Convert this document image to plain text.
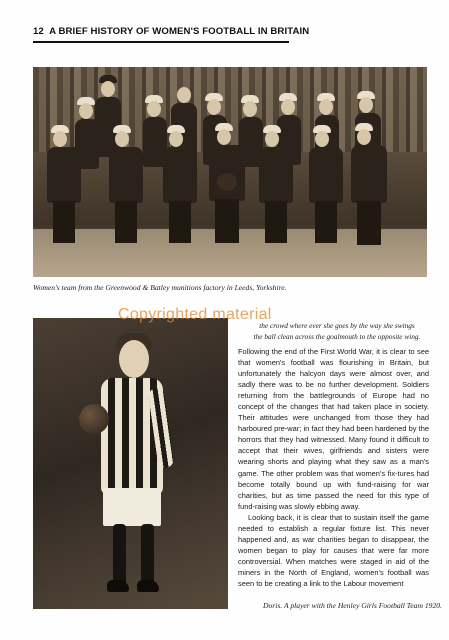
12 A BRIEF HISTORY OF WOMEN'S FOOTBALL IN BRITAIN
Women's team from the Greenwood & Batley munitions factory in Leeds, Yorkshire.
Copyrighted material
the crowd where ever she goes by the way she swings
the ball clean across the goalmouth to the opposite wing.

Following the end of the First World War, it is clear to see that women's football was flourishing in Britain, but unfortunately the halcyon days were almost over, and sadly there was to be no further development. Soldiers returning from the battlegrounds of Europe had no concept of the changes that had taken place in society. Their attitudes were unchanged from those they had harboured pre-war; in fact they had been hardened by the horrors that they had witnessed. Many found it difficult to accept that their wives, girlfriends and sisters were wearing shorts and playing what they saw as a man's game. The other problem was that women's fix-tures had become totally bound up with fund-raising for war charities, but as time passed the need for this type of fund-raising was slowly ebbing away.

Looking back, it is clear that to sustain itself the game needed to establish a regular fixture list. This never happened and, as war charities began to disappear, the women began to play for causes that were far more controversial. When matches were staged in aid of the miners in the North of England, women's football was seen to be creating a link to the Labour movement

Doris. A player with the Henley Girls Football Team 1920.
